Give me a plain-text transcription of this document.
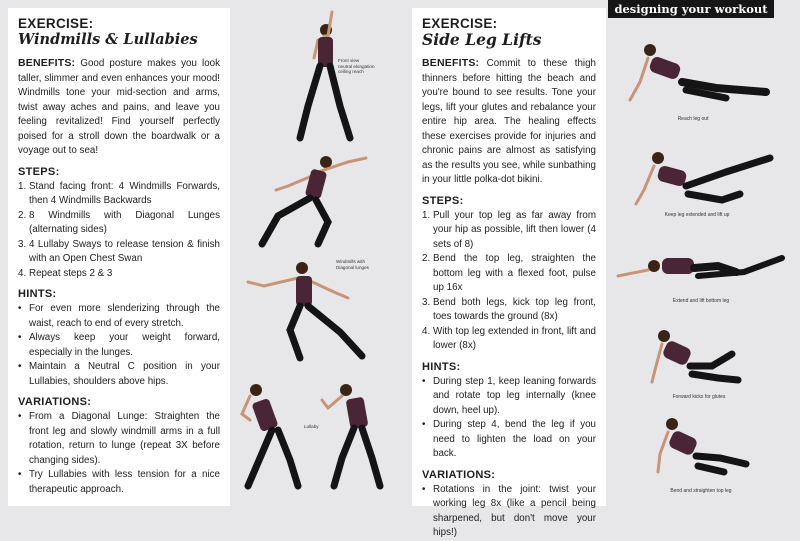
designing your workout
EXERCISE:
Windmills & Lullabies

BENEFITS: Good posture makes you look taller, slimmer and even enhances your mood! Windmills tone your mid-section and arms, twist away aches and pains, and leave you feeling revitalized! Find yourself perfectly poised for a stroll down the boardwalk or a voyage out to sea!

STEPS:
1. Stand facing front: 4 Windmills Forwards, then 4 Windmills Backwards
2. 8 Windmills with Diagonal Lunges (alternating sides)
3. 4 Lullaby Sways to release tension & finish with an Open Chest Swan
4. Repeat steps 2 & 3
HINTS:
• For even more slenderizing through the waist, reach to end of every stretch.
• Always keep your weight forward, especially in the lunges.
• Maintain a Neutral C position in your Lullabies, shoulders above hips.
VARIATIONS:
• From a Diagonal Lunge: Straighten the front leg and slowly windmill arms in a full rotation, return to lunge (repeat 3X before changing sides).
• Try Lullabies with less tension for a nice therapeutic approach.
Front view
neutral elongation
ceiling reach
Windmills with
Diagonal lunges
Lullaby
EXERCISE:
Side Leg Lifts

BENEFITS: Commit to these thigh thinners before hitting the beach and you're bound to see results. Tone your legs, lift your glutes and rebalance your entire hip area. The healing effects these exercises provide for injuries and chronic pains are almost as satisfying as the results you see, while sunbathing in your little polka-dot bikini.

STEPS:
1. Pull your top leg as far away from your hip as possible, lift then lower (4 sets of 8)
2. Bend the top leg, straighten the bottom leg with a flexed foot, pulse up 16x
3. Bend both legs, kick top leg front, toes towards the ground (8x)
4. With top leg extended in front, lift and lower (8x)
HINTS:
• During step 1, keep leaning forwards and rotate top leg internally (knee down, heel up).
• During step 4, bend the leg if you need to lighten the load on your back.
VARIATIONS:
• Rotations in the joint: twist your working leg 8x (like a pencil being sharpened, but don't move your hips!)
Reach leg out
Keep leg extended and lift up
Extend and lift bottom leg
Forward kicks for glutes
Bend and straighten top leg
